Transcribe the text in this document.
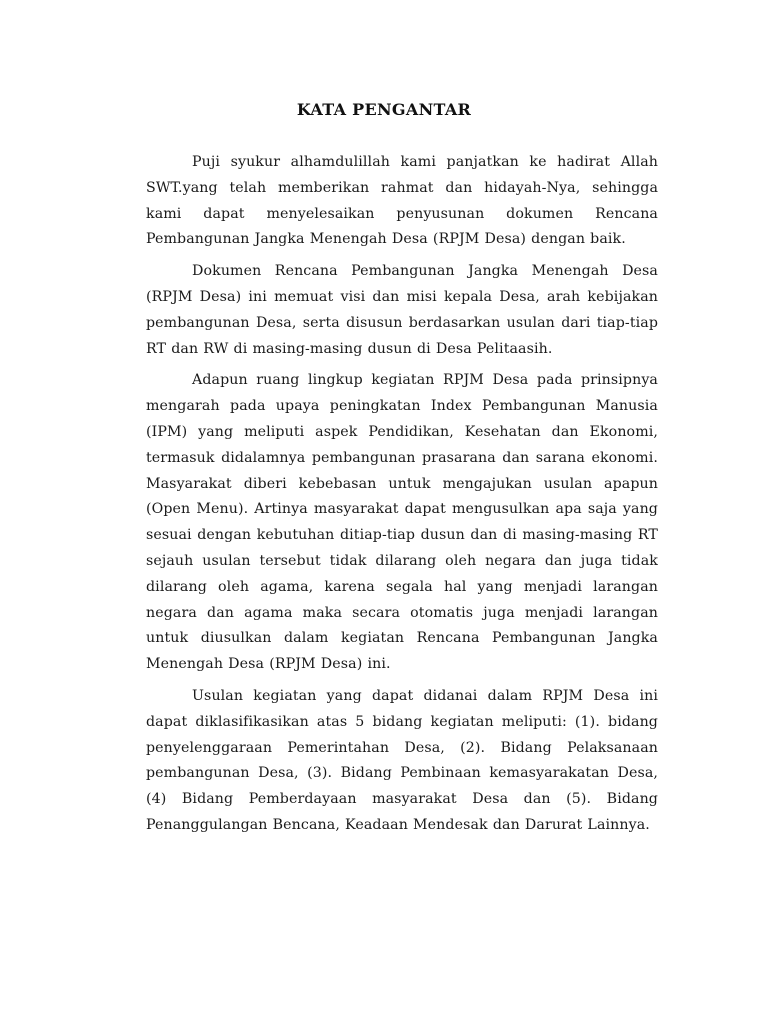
KATA PENGANTAR

Puji syukur alhamdulillah kami panjatkan ke hadirat Allah SWT.yang telah memberikan rahmat dan hidayah-Nya, sehingga kami dapat menyelesaikan penyusunan dokumen Rencana Pembangunan Jangka Menengah Desa (RPJM Desa) dengan baik.

Dokumen Rencana Pembangunan Jangka Menengah Desa (RPJM Desa) ini memuat visi dan misi kepala Desa, arah kebijakan pembangunan Desa, serta disusun berdasarkan usulan dari tiap-tiap RT dan RW di masing-masing dusun di Desa Pelitaasih.

Adapun ruang lingkup kegiatan RPJM Desa pada prinsipnya mengarah pada upaya peningkatan Index Pembangunan Manusia (IPM) yang meliputi aspek Pendidikan, Kesehatan dan Ekonomi, termasuk didalamnya pembangunan prasarana dan sarana ekonomi. Masyarakat diberi kebebasan untuk mengajukan usulan apapun (Open Menu). Artinya masyarakat dapat mengusulkan apa saja yang sesuai dengan kebutuhan ditiap-tiap dusun dan di masing-masing RT sejauh usulan tersebut tidak dilarang oleh negara dan juga tidak dilarang oleh agama, karena segala hal yang menjadi larangan negara dan agama maka secara otomatis juga menjadi larangan untuk diusulkan dalam kegiatan Rencana Pembangunan Jangka Menengah Desa (RPJM Desa) ini.

Usulan kegiatan yang dapat didanai dalam RPJM Desa ini dapat diklasifikasikan atas 5 bidang kegiatan meliputi: (1). bidang penyelenggaraan Pemerintahan Desa, (2). Bidang Pelaksanaan pembangunan Desa, (3). Bidang Pembinaan kemasyarakatan Desa, (4) Bidang Pemberdayaan masyarakat Desa dan (5). Bidang Penanggulangan Bencana, Keadaan Mendesak dan Darurat Lainnya.
